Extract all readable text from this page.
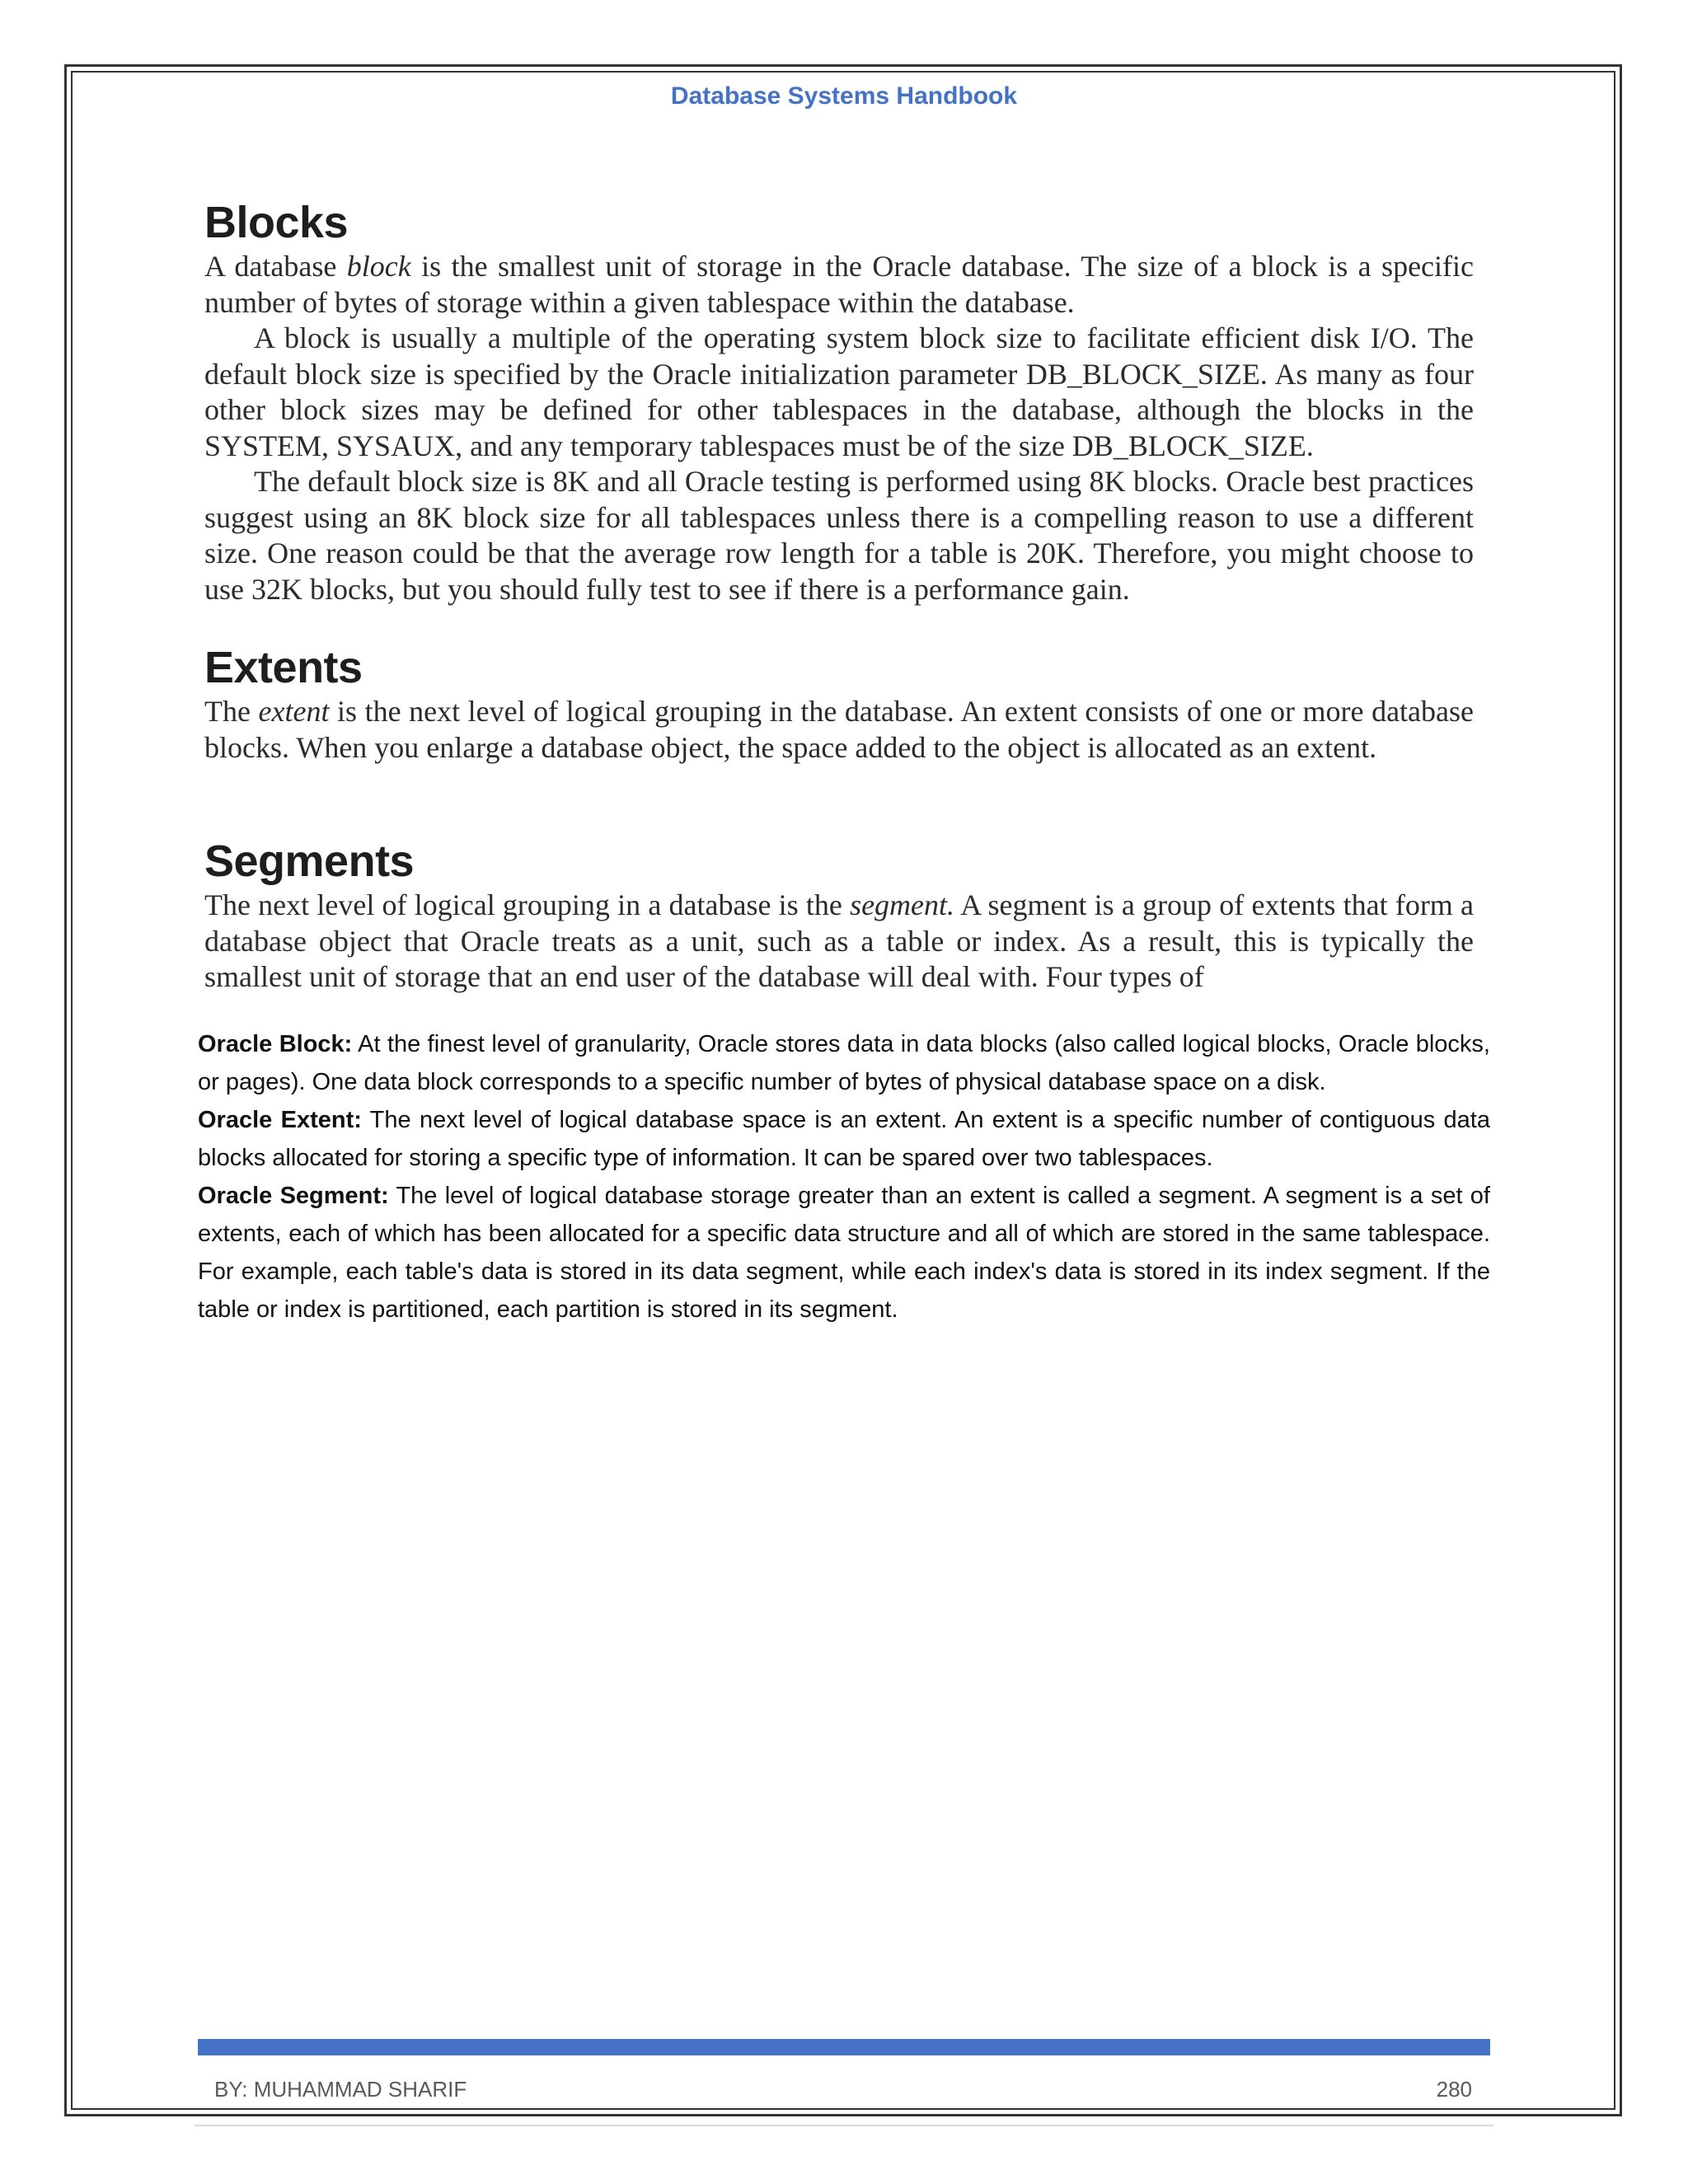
Database Systems Handbook
Blocks

A database block is the smallest unit of storage in the Oracle database. The size of a block is a specific number of bytes of storage within a given tablespace within the database.

A block is usually a multiple of the operating system block size to facilitate efficient disk I/O. The default block size is specified by the Oracle initialization parameter DB_BLOCK_SIZE. As many as four other block sizes may be defined for other tablespaces in the database, although the blocks in the SYSTEM, SYSAUX, and any temporary tablespaces must be of the size DB_BLOCK_SIZE.

The default block size is 8K and all Oracle testing is performed using 8K blocks. Oracle best practices suggest using an 8K block size for all tablespaces unless there is a compelling reason to use a different size. One reason could be that the average row length for a table is 20K. Therefore, you might choose to use 32K blocks, but you should fully test to see if there is a performance gain.

Extents

The extent is the next level of logical grouping in the database. An extent consists of one or more database blocks. When you enlarge a database object, the space added to the object is allocated as an extent.

Segments

The next level of logical grouping in a database is the segment. A segment is a group of extents that form a database object that Oracle treats as a unit, such as a table or index. As a result, this is typically the smallest unit of storage that an end user of the database will deal with. Four types of

Oracle Block: At the finest level of granularity, Oracle stores data in data blocks (also called logical blocks, Oracle blocks, or pages). One data block corresponds to a specific number of bytes of physical database space on a disk.

Oracle Extent: The next level of logical database space is an extent. An extent is a specific number of contiguous data blocks allocated for storing a specific type of information. It can be spared over two tablespaces.

Oracle Segment: The level of logical database storage greater than an extent is called a segment. A segment is a set of extents, each of which has been allocated for a specific data structure and all of which are stored in the same tablespace. For example, each table's data is stored in its data segment, while each index's data is stored in its index segment. If the table or index is partitioned, each partition is stored in its segment.

BY: MUHAMMAD SHARIF	280
